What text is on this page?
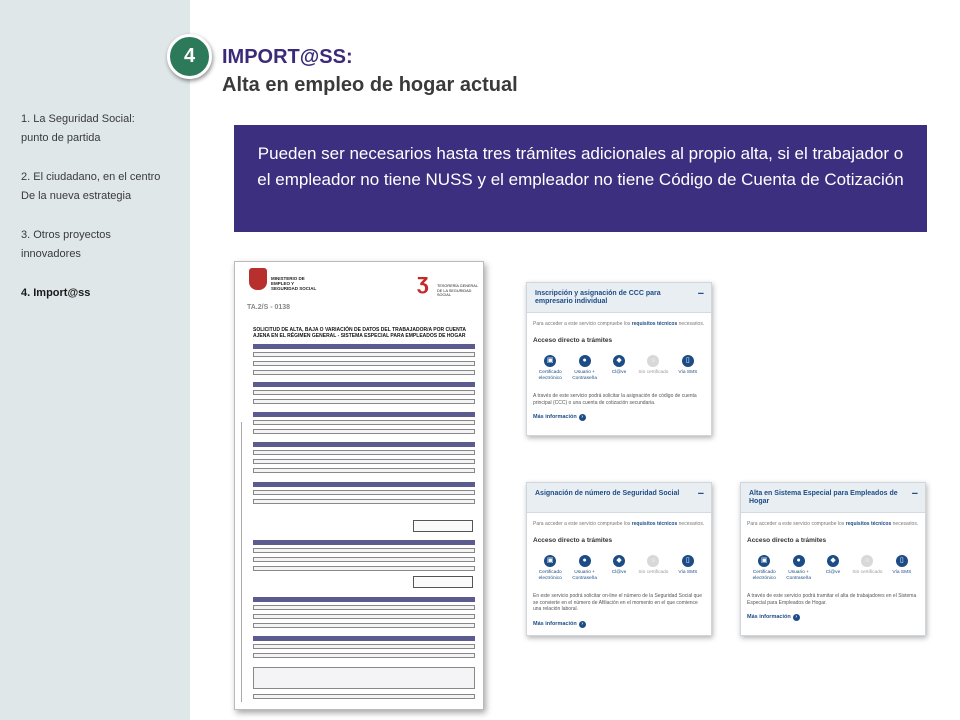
1. La Seguridad Social:
punto de partida
2. El ciudadano, en el centro
De la nueva estrategia
3. Otros proyectos
innovadores
4. Import@ss
4	IMPORT@SS:
Alta en empleo de hogar actual
Pueden ser necesarios hasta tres trámites adicionales al propio alta, si el trabajador o el empleador no tiene NUSS y el empleador no tiene Código de Cuenta de Cotización
MINISTERIO DE EMPLEO Y SEGURIDAD SOCIAL	ʒ	TESORERÍA GENERAL DE LA SEGURIDAD SOCIAL
TA.2/S - 0138
SOLICITUD DE ALTA, BAJA O VARIACIÓN DE DATOS DEL TRABAJADOR/A POR CUENTA AJENA EN EL RÉGIMEN GENERAL - SISTEMA ESPECIAL PARA EMPLEADOS DE HOGAR
Inscripción y asignación de CCC para empresario individual
−
Para acceder a este servicio compruebe los requisitos técnicos necesarios.
Acceso directo a trámites
▣
Certificado electrónico
●
Usuario + Contraseña
◆
Cl@ve
○
Sin certificado
▯
Vía SMS
A través de este servicio podrá solicitar la asignación de código de cuenta principal (CCC) o una cuenta de cotización secundaria.
Más información ›
Asignación de número de Seguridad Social −
Para acceder a este servicio compruebe los requisitos técnicos necesarios.
Acceso directo a trámites
▣
Certificado electrónico
●
Usuario + Contraseña
◆
Cl@ve
○
Sin certificado
▯
Vía SMS
En este servicio podrá solicitar on-line el número de la Seguridad Social que se convierte en el número de Afiliación en el momento en el que comience una relación laboral.
Más información ›
Alta en Sistema Especial para Empleados de Hogar
−
Para acceder a este servicio compruebe los requisitos técnicos necesarios.
Acceso directo a trámites
▣
Certificado electrónico
●
Usuario + Contraseña
◆
Cl@ve
○
Sin certificado
▯
Vía SMS
A través de este servicio podrá tramitar el alta de trabajadores en el Sistema Especial para Empleados de Hogar.
Más información ›
